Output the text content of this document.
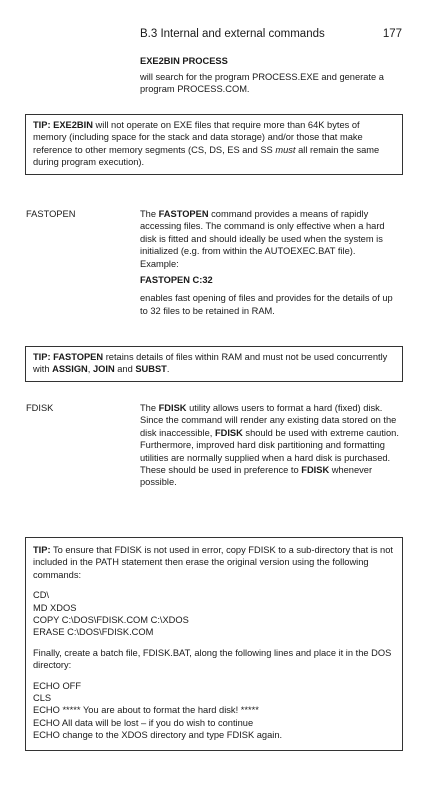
B.3 Internal and external commands	177
EXE2BIN PROCESS
will search for the program PROCESS.EXE and generate a program PROCESS.COM.

TIP: EXE2BIN will not operate on EXE files that require more than 64K bytes of memory (including space for the stack and data storage) and/or those that make reference to other memory segments (CS, DS, ES and SS must all remain the same during program execution).

FASTOPEN	The FASTOPEN command provides a means of rapidly accessing files. The command is only effective when a hard disk is fitted and should ideally be used when the system is initialized (e.g. from within the AUTOEXEC.BAT file).

Example:

FASTOPEN C:32

enables fast opening of files and provides for the details of up to 32 files to be retained in RAM.

TIP: FASTOPEN retains details of files within RAM and must not be used concurrently with ASSIGN, JOIN and SUBST.

FDISK	The FDISK utility allows users to format a hard (fixed) disk. Since the command will render any existing data stored on the disk inaccessible, FDISK should be used with extreme caution. Furthermore, improved hard disk partitioning and formatting utilities are normally supplied when a hard disk is purchased. These should be used in preference to FDISK whenever possible.

TIP: To ensure that FDISK is not used in error, copy FDISK to a sub-directory that is not included in the PATH statement then erase the original version using the following commands:

CD\

MD XDOS

COPY C:\DOS\FDISK.COM C:\XDOS

ERASE C:\DOS\FDISK.COM

Finally, create a batch file, FDISK.BAT, along the following lines and place it in the DOS directory:

ECHO OFF

CLS

ECHO ***** You are about to format the hard disk! *****

ECHO All data will be lost – if you do wish to continue

ECHO change to the XDOS directory and type FDISK again.
